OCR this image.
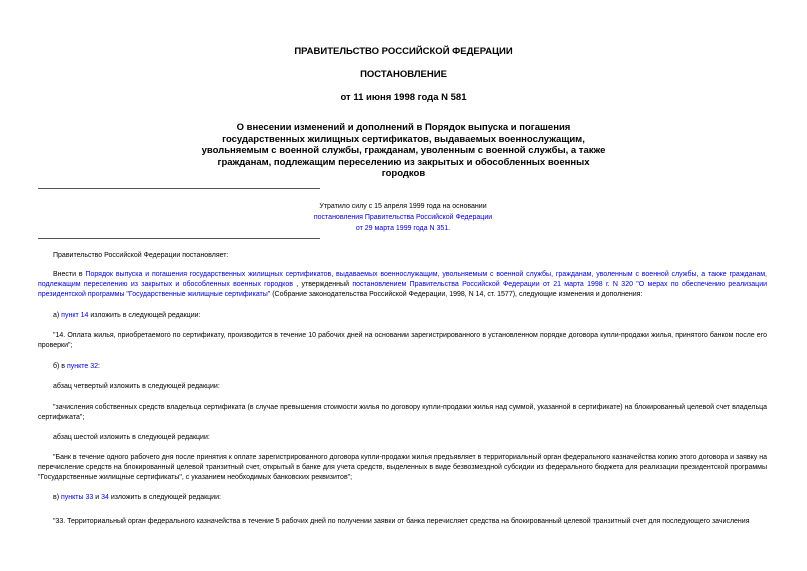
ПРАВИТЕЛЬСТВО РОССИЙСКОЙ ФЕДЕРАЦИИ
ПОСТАНОВЛЕНИЕ
от 11 июня 1998 года N 581
О внесении изменений и дополнений в Порядок выпуска и погашения государственных жилищных сертификатов, выдаваемых военнослужащим, увольняемым с военной службы, гражданам, уволенным с военной службы, а также гражданам, подлежащим переселению из закрытых и обособленных военных городков
Утратило силу с 15 апреля 1999 года на основании
постановления Правительства Российской Федерации
от 29 марта 1999 года N 351.
Правительство Российской Федерации постановляет:
Внести в Порядок выпуска и погашения государственных жилищных сертификатов, выдаваемых военнослужащим, увольняемым с военной службы, гражданам, уволенным с военной службы, а также гражданам, подлежащим переселению из закрытых и обособленных военных городков , утвержденный постановлением Правительства Российской Федерации от 21 марта 1998 г. N 320 "О мерах по обеспечению реализации президентской программы "Государственные жилищные сертификаты" (Собрание законодательства Российской Федерации, 1998, N 14, ст. 1577), следующие изменения и дополнения:
а) пункт 14 изложить в следующей редакции:
"14. Оплата жилья, приобретаемого по сертификату, производится в течение 10 рабочих дней на основании зарегистрированного в установленном порядке договора купли-продажи жилья, принятого банком после его проверки";
б) в пункте 32:
абзац четвертый изложить в следующей редакции:
"зачисления собственных средств владельца сертификата (в случае превышения стоимости жилья по договору купли-продажи жилья над суммой, указанной в сертификате) на блокированный целевой счет владельца сертификата";
абзац шестой изложить в следующей редакции:
"Банк в течение одного рабочего дня после принятия к оплате зарегистрированного договора купли-продажи жилья предъявляет в территориальный орган федерального казначейства копию этого договора и заявку на перечисление средств на блокированный целевой транзитный счет, открытый в банке для учета средств, выделенных в виде безвозмездной субсидии из федерального бюджета для реализации президентской программы "Государственные жилищные сертификаты", с указанием необходимых банковских реквизитов";
в) пункты 33 и 34 изложить в следующей редакции:
"33. Территориальный орган федерального казначейства в течение 5 рабочих дней по получении заявки от банка перечисляет средства на блокированный целевой транзитный счет для последующего зачисления
